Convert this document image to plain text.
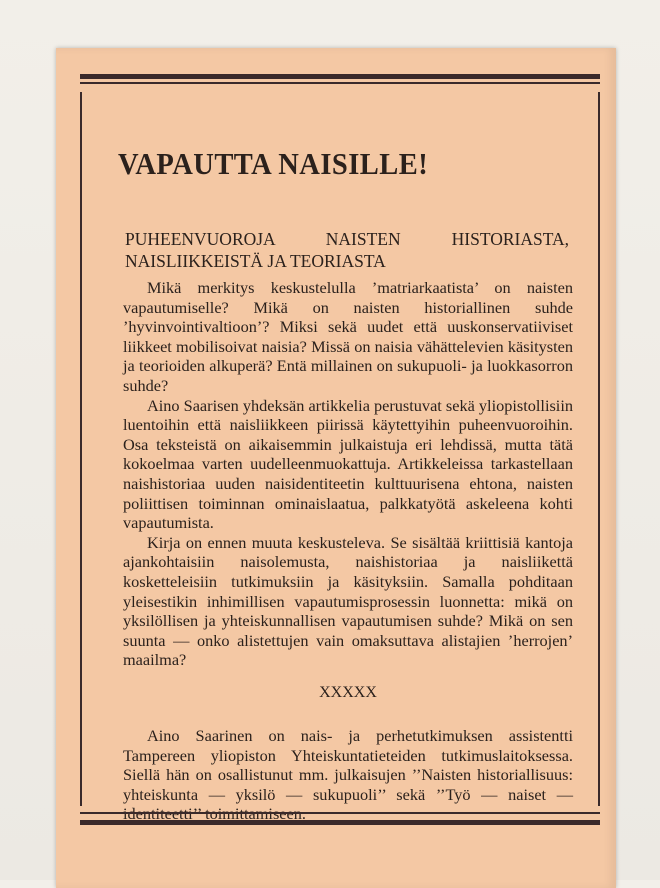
VAPAUTTA NAISILLE!

PUHEENVUOROJA NAISTEN HISTORIASTA, NAISLIIKKEISTÄ JA TEORIASTA

Mikä merkitys keskustelulla ’matriarkaatista’ on naisten vapautumiselle? Mikä on naisten historiallinen suhde ’hyvinvointivaltioon’? Miksi sekä uudet että uuskonservatiiviset liikkeet mobilisoivat naisia? Missä on naisia vähättelevien käsitysten ja teorioiden alkuperä? Entä millainen on sukupuoli- ja luokkasorron suhde?

Aino Saarisen yhdeksän artikkelia perustuvat sekä yliopistollisiin luentoihin että naisliikkeen piirissä käytettyihin puheenvuoroihin. Osa teksteistä on aikaisemmin julkaistuja eri lehdissä, mutta tätä kokoelmaa varten uudelleenmuokattuja. Artikkeleissa tarkastellaan naishistoriaa uuden naisidentiteetin kulttuurisena ehtona, naisten poliittisen toiminnan ominaislaatua, palkkatyötä askeleena kohti vapautumista.

Kirja on ennen muuta keskusteleva. Se sisältää kriittisiä kantoja ajankohtaisiin naisolemusta, naishistoriaa ja naisliikettä kosketteleisiin tutkimuksiin ja käsityksiin. Samalla pohditaan yleisestikin inhimillisen vapautumisprosessin luonnetta: mikä on yksilöllisen ja yhteiskunnallisen vapautumisen suhde? Mikä on sen suunta — onko alistettujen vain omaksuttava alistajien ’herrojen’ maailma?

XXXXX

Aino Saarinen on nais- ja perhetutkimuksen assistentti Tampereen yliopiston Yhteiskuntatieteiden tutkimuslaitoksessa. Siellä hän on osallistunut mm. julkaisujen ’’Naisten historiallisuus: yhteiskunta — yksilö — sukupuoli’’ sekä ’’Työ — naiset —
